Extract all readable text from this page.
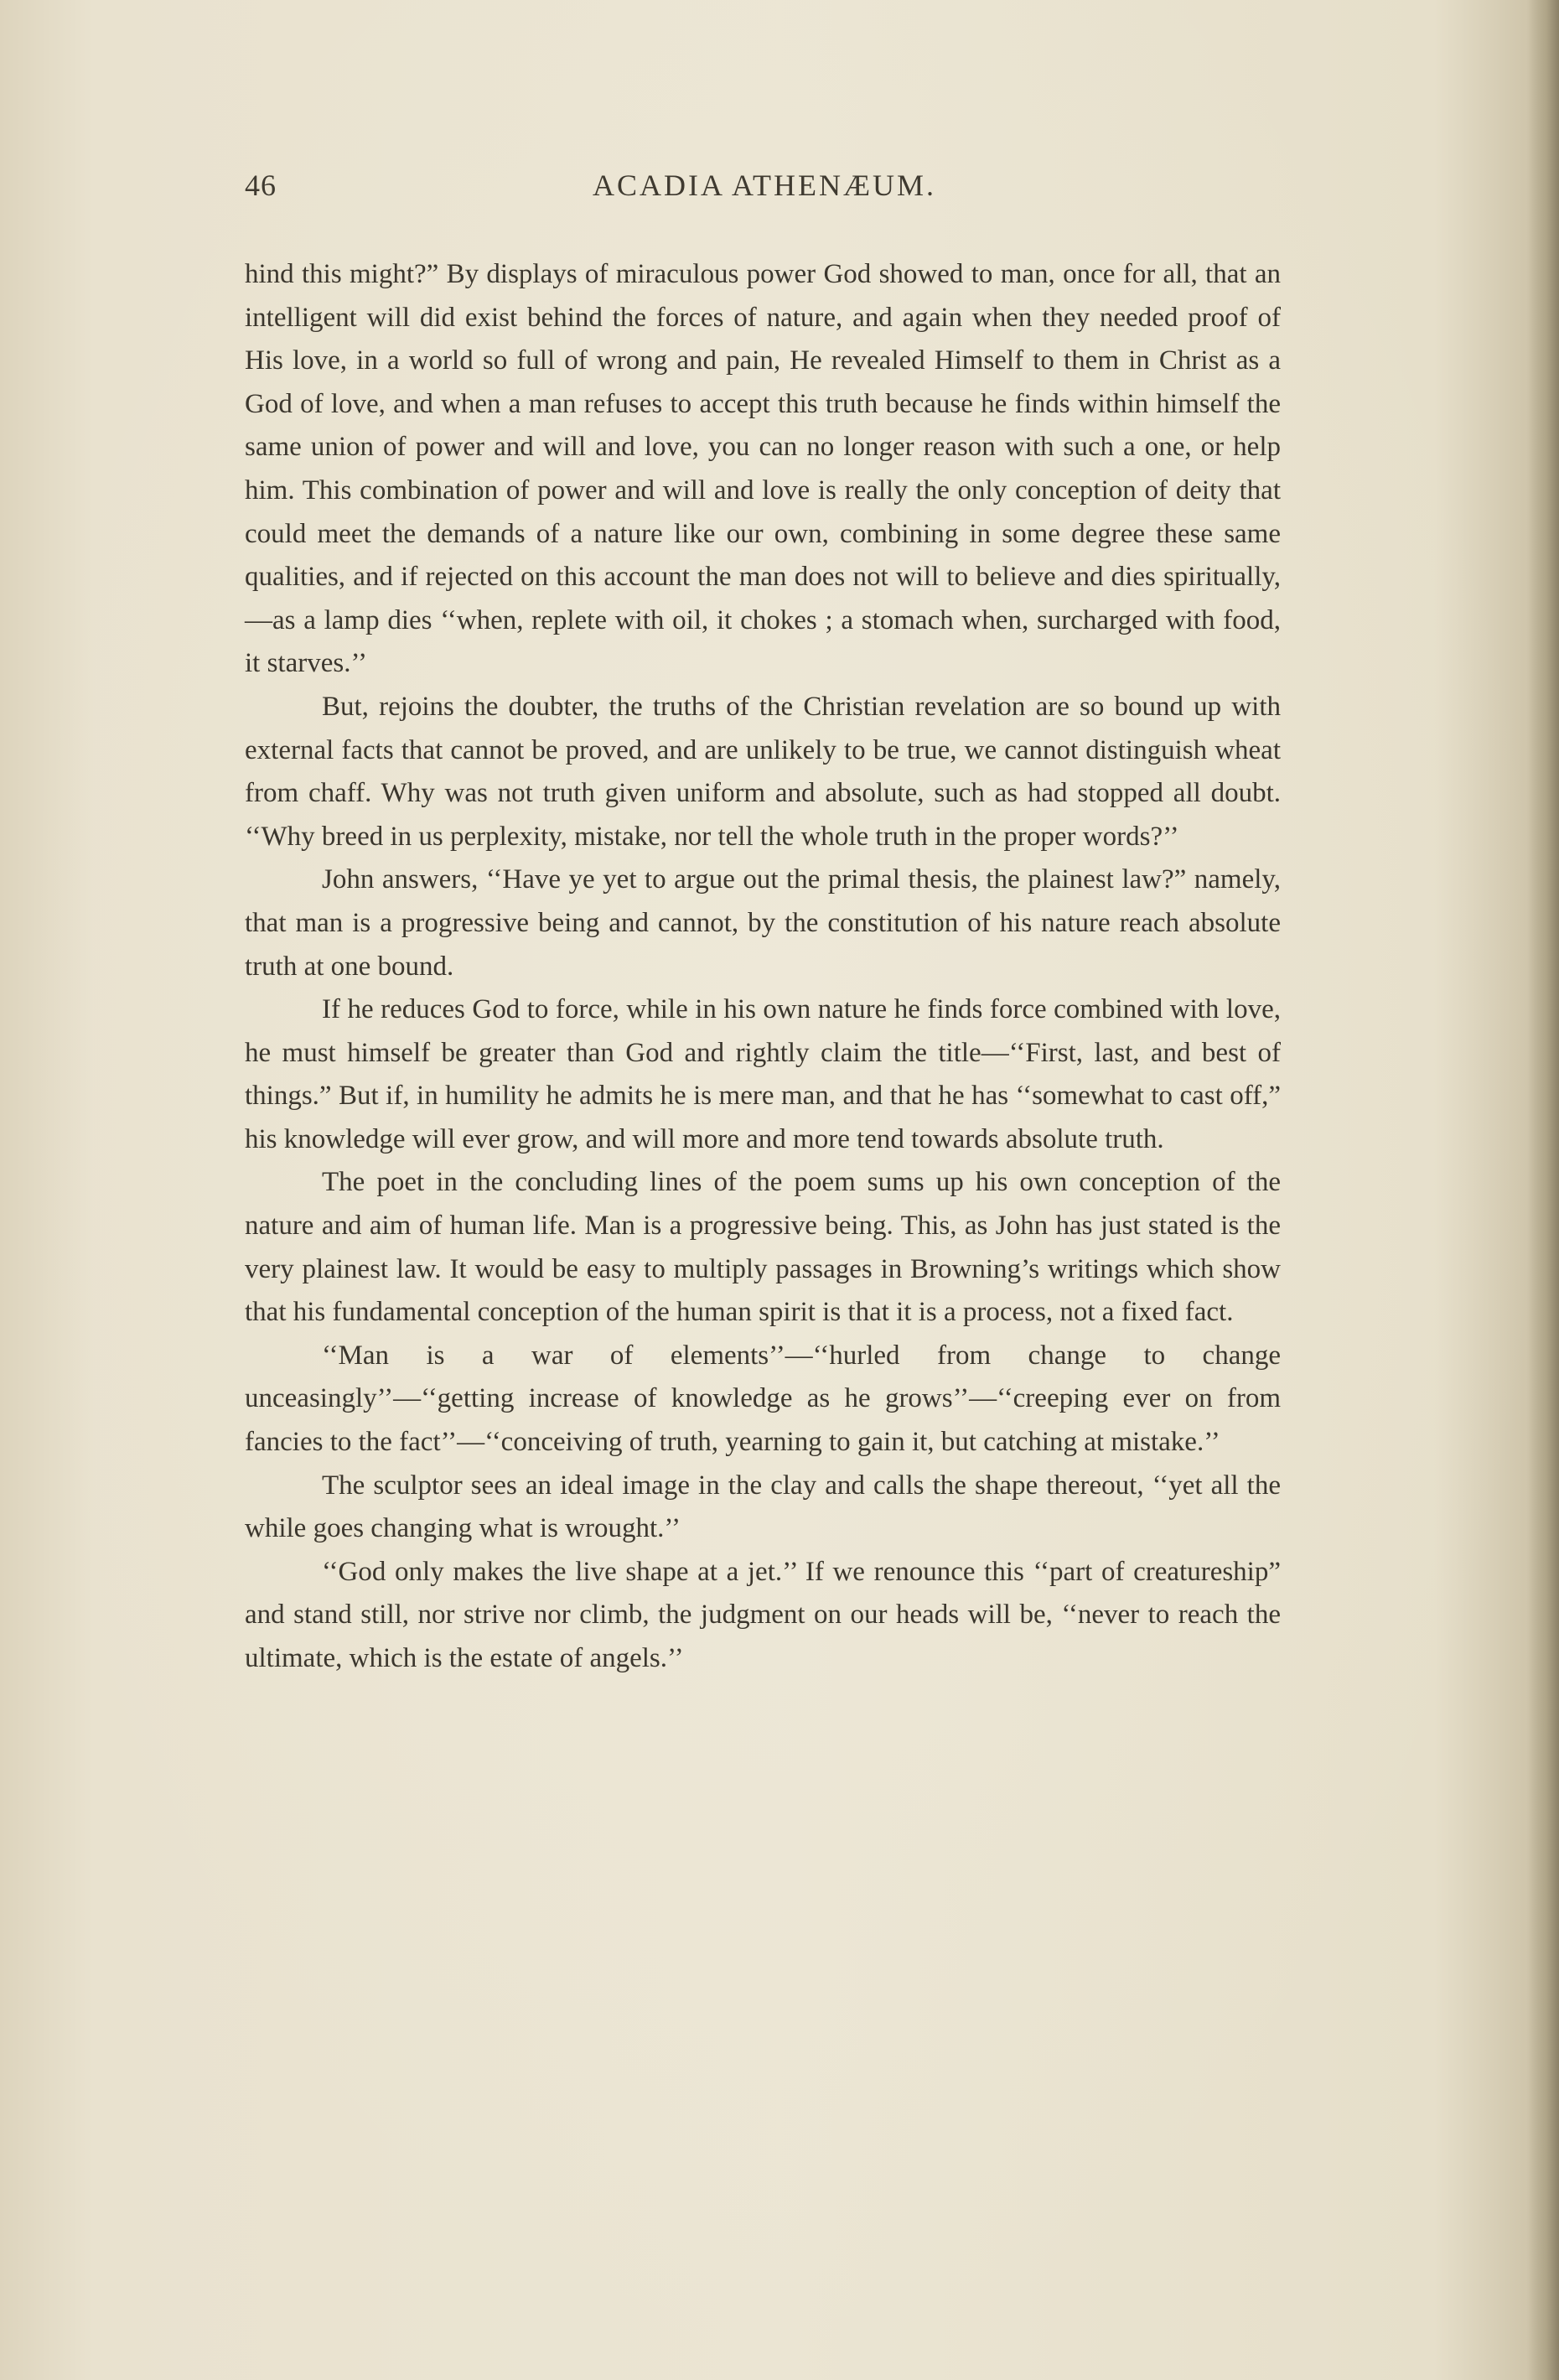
46	ACADIA ATHENÆUM.

hind this might?” By displays of miraculous power God showed to man, once for all, that an intelligent will did exist behind the forces of nature, and again when they needed proof of His love, in a world so full of wrong and pain, He revealed Himself to them in Christ as a God of love, and when a man refuses to accept this truth because he finds within himself the same union of power and will and love, you can no longer reason with such a one, or help him. This combination of power and will and love is really the only conception of deity that could meet the demands of a nature like our own, combining in some degree these same qualities, and if rejected on this account the man does not will to believe and dies spiritually,—as a lamp dies ‘‘when, replete with oil, it chokes ; a stomach when, surcharged with food, it starves.’’

But, rejoins the doubter, the truths of the Christian revelation are so bound up with external facts that cannot be proved, and are unlikely to be true, we cannot distinguish wheat from chaff. Why was not truth given uniform and absolute, such as had stopped all doubt. ‘‘Why breed in us perplexity, mistake, nor tell the whole truth in the proper words?’’

John answers, ‘‘Have ye yet to argue out the primal thesis, the plainest law?” namely, that man is a progressive being and cannot, by the constitution of his nature reach absolute truth at one bound.

If he reduces God to force, while in his own nature he finds force combined with love, he must himself be greater than God and rightly claim the title—‘‘First, last, and best of things.” But if, in humility he admits he is mere man, and that he has ‘‘somewhat to cast off,” his knowledge will ever grow, and will more and more tend towards absolute truth.

The poet in the concluding lines of the poem sums up his own conception of the nature and aim of human life. Man is a progressive being. This, as John has just stated is the very plainest law. It would be easy to multiply passages in Browning’s writings which show that his fundamental conception of the human spirit is that it is a process, not a fixed fact.

‘‘Man is a war of elements’’—‘‘hurled from change to change unceasingly’’—‘‘getting increase of knowledge as he grows’’—‘‘creeping ever on from fancies to the fact’’—‘‘conceiving of truth, yearning to gain it, but catching at mistake.’’

The sculptor sees an ideal image in the clay and calls the shape thereout, ‘‘yet all the while goes changing what is wrought.’’

‘‘God only makes the live shape at a jet.’’ If we renounce this ‘‘part of creatureship” and stand still, nor strive nor climb, the judgment on our heads will be, ‘‘never to reach the ultimate, which is the estate of angels.’’
